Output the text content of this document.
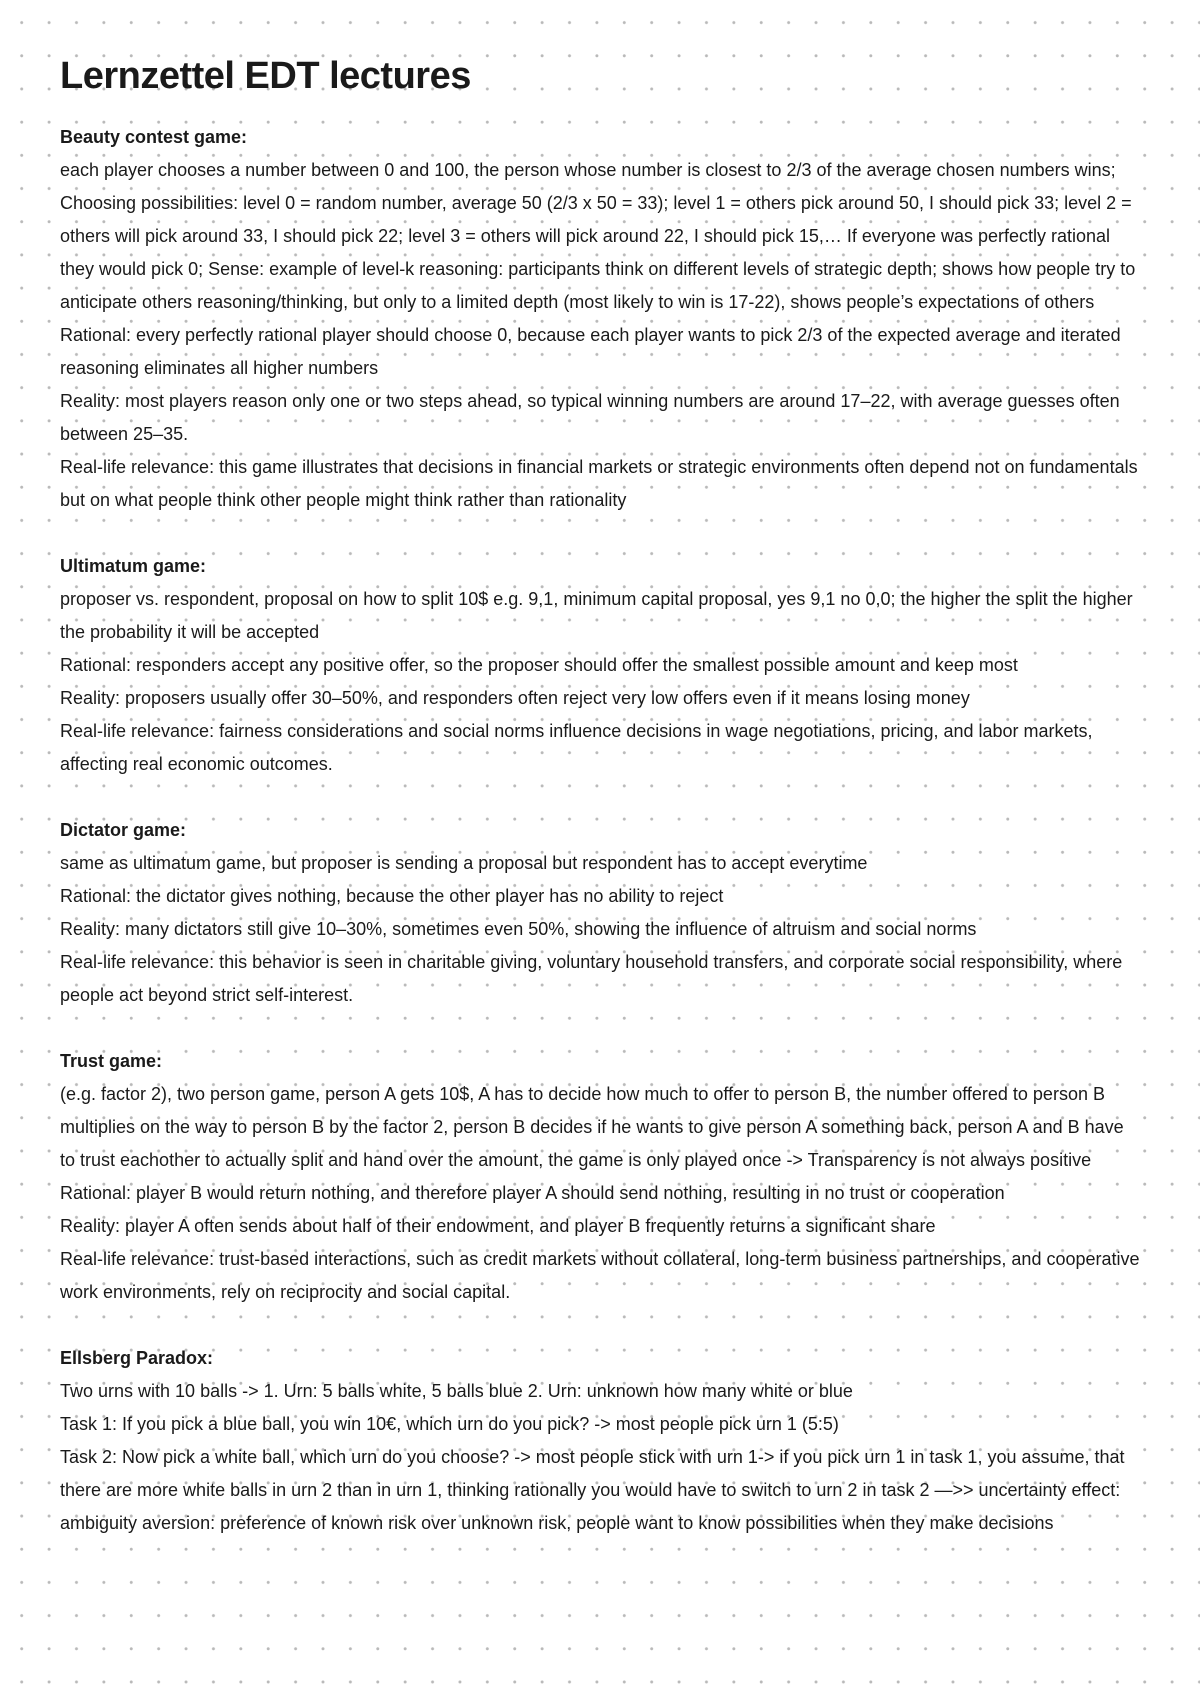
Lernzettel EDT lectures

Beauty contest game:

each player chooses a number between 0 and 100, the person whose number is closest to 2/3 of the average chosen numbers wins; Choosing possibilities: level 0 = random number, average 50 (2/3 x 50 = 33); level 1 = others pick around 50, I should pick 33; level 2 = others will pick around 33, I should pick 22; level 3 = others will pick around 22, I should pick 15,… If everyone was perfectly rational they would pick 0; Sense: example of level-k reasoning: participants think on different levels of strategic depth; shows how people try to anticipate others reasoning/thinking, but only to a limited depth (most likely to win is 17-22), shows people’s expectations of others

Rational: every perfectly rational player should choose 0, because each player wants to pick 2/3 of the expected average and iterated reasoning eliminates all higher numbers

Reality: most players reason only one or two steps ahead, so typical winning numbers are around 17–22, with average guesses often between 25–35.

Real-life relevance: this game illustrates that decisions in financial markets or strategic environments often depend not on fundamentals but on what people think other people might think rather than rationality

Ultimatum game:

proposer vs. respondent, proposal on how to split 10$ e.g. 9,1, minimum capital proposal, yes 9,1 no 0,0; the higher the split the higher the probability it will be accepted

Rational: responders accept any positive offer, so the proposer should offer the smallest possible amount and keep most

Reality: proposers usually offer 30–50%, and responders often reject very low offers even if it means losing money

Real-life relevance: fairness considerations and social norms influence decisions in wage negotiations, pricing, and labor markets, affecting real economic outcomes.

Dictator game:

same as ultimatum game, but proposer is sending a proposal but respondent has to accept everytime

Rational: the dictator gives nothing, because the other player has no ability to reject

Reality: many dictators still give 10–30%, sometimes even 50%, showing the influence of altruism and social norms

Real-life relevance: this behavior is seen in charitable giving, voluntary household transfers, and corporate social responsibility, where people act beyond strict self-interest.

Trust game:

(e.g. factor 2), two person game, person A gets 10$, A has to decide how much to offer to person B, the number offered to person B multiplies on the way to person B by the factor 2, person B decides if he wants to give person A something back, person A and B have to trust eachother to actually split and hand over the amount, the game is only played once -> Transparency is not always positive

Rational: player B would return nothing, and therefore player A should send nothing, resulting in no trust or cooperation

Reality: player A often sends about half of their endowment, and player B frequently returns a significant share

Real-life relevance: trust-based interactions, such as credit markets without collateral, long-term business partnerships, and cooperative work environments, rely on reciprocity and social capital.

Ellsberg Paradox:

Two urns with 10 balls -> 1. Urn: 5 balls white, 5 balls blue 2. Urn: unknown how many white or blue

Task 1: If you pick a blue ball, you win 10€, which urn do you pick? -> most people pick urn 1 (5:5)

Task 2: Now pick a white ball, which urn do you choose? -> most people stick with urn 1-> if you pick urn 1 in task 1, you assume, that there are more white balls in urn 2 than in urn 1, thinking rationally you would have to switch to urn 2 in task 2 —>> uncertainty effect: ambiguity aversion: preference of known risk over unknown risk, people want to know possibilities when they make decisions
